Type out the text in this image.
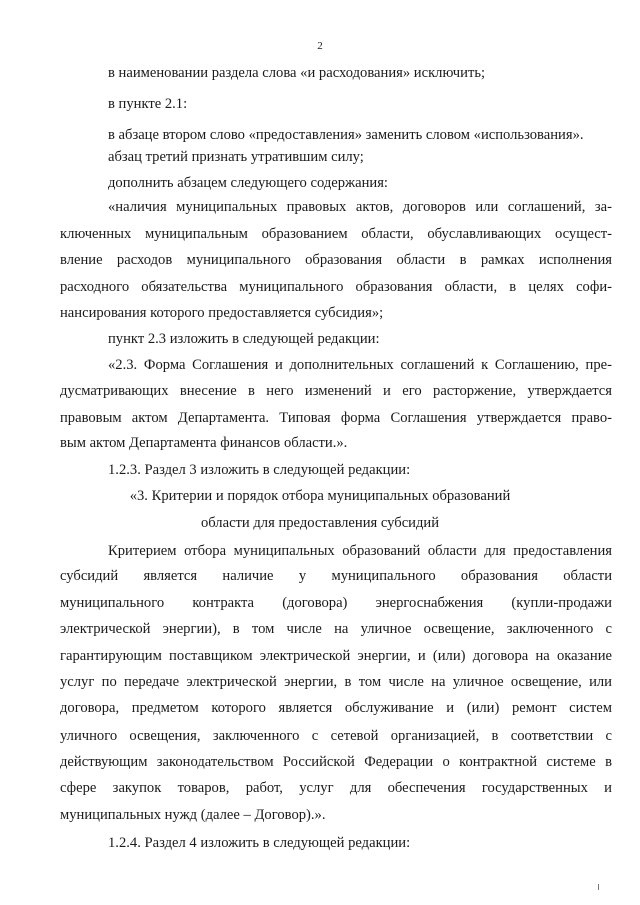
2
в наименовании раздела слова «и расходования» исключить;
в пункте 2.1:
в абзаце втором слово «предоставления» заменить словом «использования».
абзац третий признать утратившим силу;
дополнить абзацем следующего содержания:
«наличия муниципальных правовых актов, договоров или соглашений, за-
ключенных муниципальным образованием области, обуславливающих осущест-
вление расходов муниципального образования области в рамках исполнения
расходного обязательства муниципального образования области, в целях софи-
нансирования которого предоставляется субсидия»;
пункт 2.3 изложить в следующей редакции:
«2.3. Форма Соглашения и дополнительных соглашений к Соглашению, пре-
дусматривающих внесение в него изменений и его расторжение, утверждается
правовым актом Департамента. Типовая форма Соглашения утверждается право-
вым актом Департамента финансов области.».
1.2.3. Раздел 3 изложить в следующей редакции:
«3. Критерии и порядок отбора муниципальных образований
области для предоставления субсидий
Критерием отбора муниципальных образований области для предоставления
субсидий является наличие у муниципального образования области
муниципального контракта (договора) энергоснабжения (купли-продажи
электрической энергии), в том числе на уличное освещение, заключенного с
гарантирующим поставщиком электрической энергии, и (или) договора на оказание
услуг по передаче электрической энергии, в том числе на уличное освещение, или
договора, предметом которого является обслуживание и (или) ремонт систем
уличного освещения, заключенного с сетевой организацией, в соответствии с
действующим законодательством Российской Федерации о контрактной системе в
сфере закупок товаров, работ, услуг для обеспечения государственных и
муниципальных нужд (далее – Договор).».
1.2.4. Раздел 4 изложить в следующей редакции:
